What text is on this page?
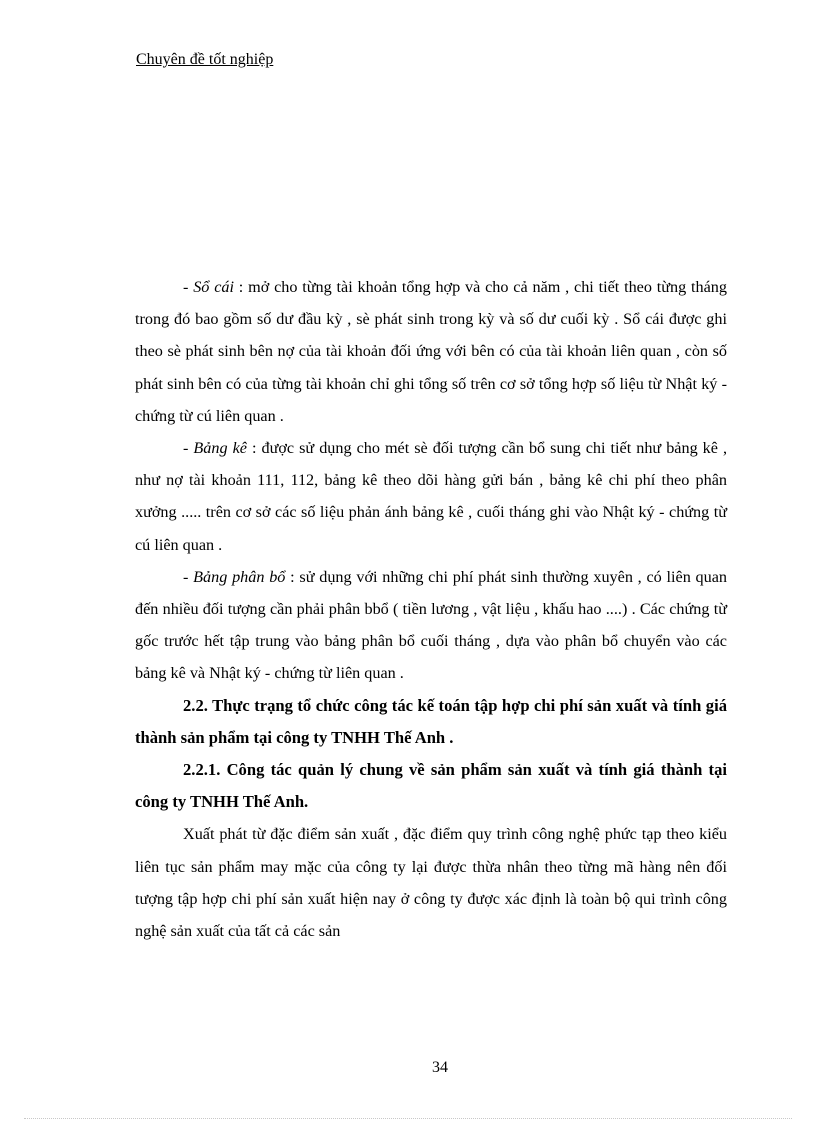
Chuyên đề tốt nghiệp

- Sổ cái : mở cho từng tài khoản tổng hợp và cho cả năm , chi tiết theo từng tháng trong đó bao gồm số dư đầu kỳ , sè phát sinh trong kỳ và số dư cuối kỳ . Sổ cái được ghi theo sè phát sinh bên nợ của tài khoản đối ứng với bên có của tài khoản liên quan , còn số phát sinh bên có của từng tài khoản chỉ ghi tổng số trên cơ sở tổng hợp số liệu từ Nhật ký - chứng từ cú liên quan .

- Bảng kê : được sử dụng cho mét sè đối tượng cần bổ sung chi tiết như bảng kê , như nợ tài khoản 111, 112, bảng kê theo dõi hàng gửi bán , bảng kê chi phí theo phân xưởng ..... trên cơ sở các số liệu phản ánh bảng kê , cuối tháng ghi vào Nhật ký - chứng từ cú liên quan .

- Bảng phân bổ : sử dụng với những chi phí phát sinh thường xuyên , có liên quan đến nhiều đối tượng cần phải phân bbổ ( tiền lương , vật liệu , khấu hao ....) . Các chứng từ gốc trước hết tập trung vào bảng phân bổ cuối tháng , dựa vào phân bổ chuyển vào các bảng kê và Nhật ký - chứng từ liên quan .

2.2. Thực trạng tổ chức công tác kế toán tập hợp chi phí sản xuất và tính giá thành sản phẩm tại công ty TNHH Thế Anh .

2.2.1. Công tác quản lý chung về sản phẩm sản xuất và tính giá thành tại công ty TNHH Thế Anh.

Xuất phát từ đặc điểm sản xuất , đặc điểm quy trình công nghệ phức tạp theo kiểu liên tục sản phẩm may mặc của công ty lại được thừa nhân theo từng mã hàng nên đối tượng tập hợp chi phí sản xuất hiện nay ở công ty được xác định là toàn bộ qui trình công nghệ sản xuất của tất cả các sản

34
